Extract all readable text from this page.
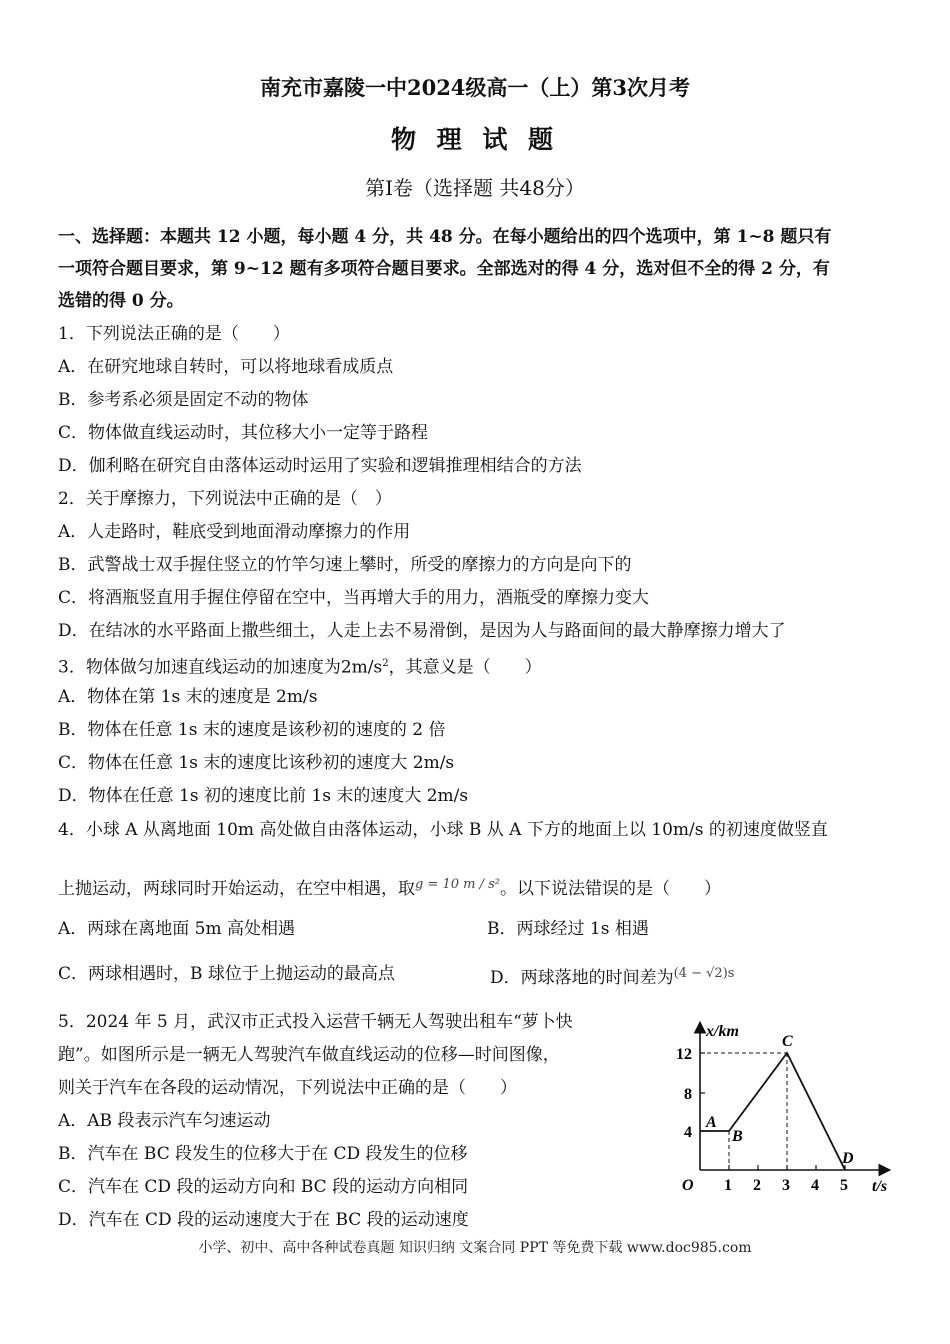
南充市嘉陵一中2024级高一（上）第3次月考
物 理 试 题
第Ⅰ卷（选择题 共48分）
一、选择题：本题共 12 小题，每小题 4 分，共 48 分。在每小题给出的四个选项中，第 1~8 题只有
一项符合题目要求，第 9~12 题有多项符合题目要求。全部选对的得 4 分，选对但不全的得 2 分，有
选错的得 0 分。
1．下列说法正确的是（　　）
A．在研究地球自转时，可以将地球看成质点
B．参考系必须是固定不动的物体
C．物体做直线运动时，其位移大小一定等于路程
D．伽利略在研究自由落体运动时运用了实验和逻辑推理相结合的方法
2．关于摩擦力，下列说法中正确的是（　）
A．人走路时，鞋底受到地面滑动摩擦力的作用
B．武警战士双手握住竖立的竹竿匀速上攀时，所受的摩擦力的方向是向下的
C．将酒瓶竖直用手握住停留在空中，当再增大手的用力，酒瓶受的摩擦力变大
D．在结冰的水平路面上撒些细土，人走上去不易滑倒，是因为人与路面间的最大静摩擦力增大了
3．物体做匀加速直线运动的加速度为$2m/s^2$，其意义是（　　）
A．物体在第 1s 末的速度是 2m/s
B．物体在任意 1s 末的速度是该秒初的速度的 2 倍
C．物体在任意 1s 末的速度比该秒初的速度大 2m/s
D．物体在任意 1s 初的速度比前 1s 末的速度大 2m/s
4．小球 A 从离地面 10m 高处做自由落体运动，小球 B 从 A 下方的地面上以 10m/s 的初速度做竖直
上抛运动，两球同时开始运动，在空中相遇，取$^{g = 10 m / s^2}$。以下说法错误的是（　　）
A．两球在离地面 5m 高处相遇	B．两球经过 1s 相遇
C．两球相遇时，B 球位于上抛运动的最高点	D．两球落地的时间差为$^{(4 - √2)s}$
5．2024 年 5 月，武汉市正式投入运营千辆无人驾驶出租车“萝卜快
跑”。如图所示是一辆无人驾驶汽车做直线运动的位移—时间图像，
则关于汽车在各段的运动情况，下列说法中正确的是（　　）
A．AB 段表示汽车匀速运动
B．汽车在 BC 段发生的位移大于在 CD 段发生的位移
C．汽车在 CD 段的运动方向和 BC 段的运动方向相同
D．汽车在 CD 段的运动速度大于在 BC 段的运动速度
x/km
t/s
O
4
8
12
1 2 3 4 5
A
B
C
D
小学、初中、高中各种试卷真题 知识归纳 文案合同 PPT 等免费下载 www.doc985.com
